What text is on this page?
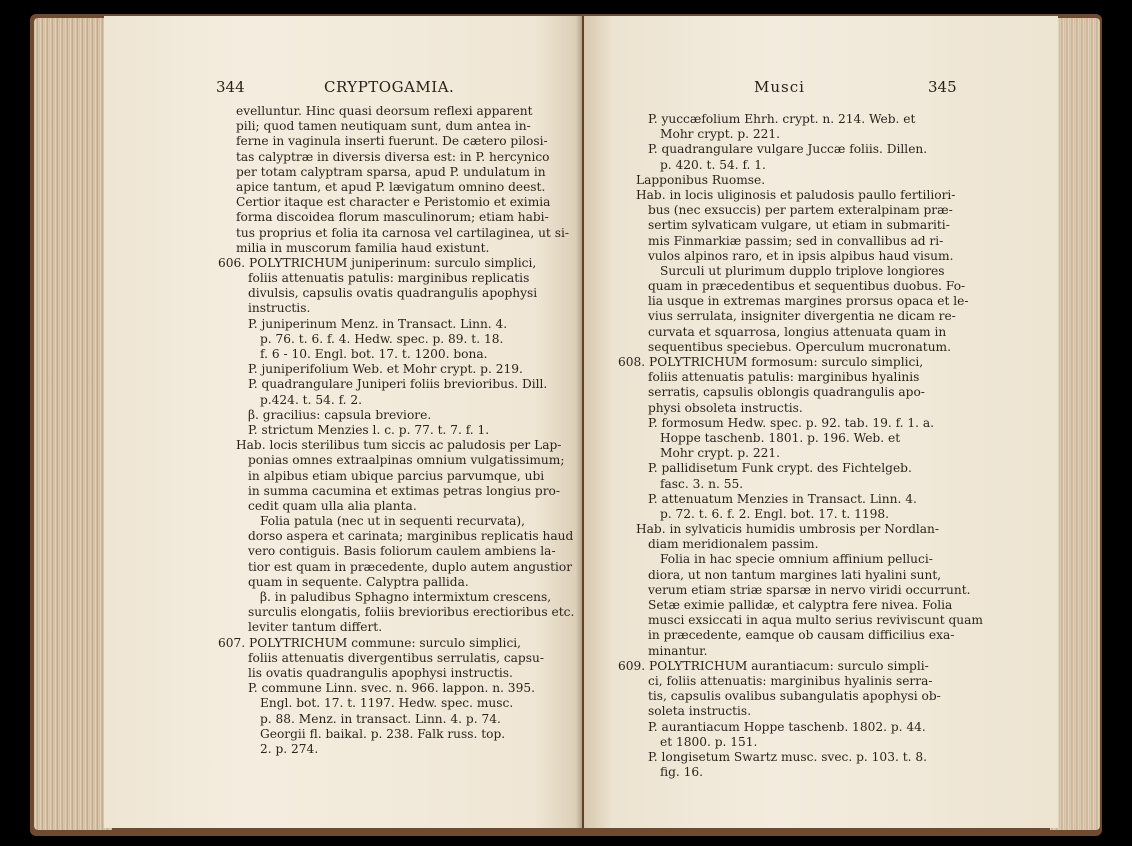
344	CRYPTOGAMIA.
evelluntur. Hinc quasi deorsum reflexi apparent
pili; quod tamen neutiquam sunt, dum antea in-
ferne in vaginula inserti fuerunt. De cætero pilosi-
tas calyptræ in diversis diversa est: in P. hercynico
per totam calyptram sparsa, apud P. undulatum in
apice tantum, et apud P. lævigatum omnino deest.
Certior itaque est character e Peristomio et eximia
forma discoidea florum masculinorum; etiam habi-
tus proprius et folia ita carnosa vel cartilaginea, ut si-
milia in muscorum familia haud existunt.
606. POLYTRICHUM juniperinum: surculo simplici,
foliis attenuatis patulis: marginibus replicatis
divulsis, capsulis ovatis quadrangulis apophysi
instructis.
P. juniperinum Menz. in Transact. Linn. 4.
p. 76. t. 6. f. 4. Hedw. spec. p. 89. t. 18.
f. 6 - 10. Engl. bot. 17. t. 1200. bona.
P. juniperifolium Web. et Mohr crypt. p. 219.
P. quadrangulare Juniperi foliis brevioribus. Dill.
p.424. t. 54. f. 2.
β. gracilius: capsula breviore.
P. strictum Menzies l. c. p. 77. t. 7. f. 1.
Hab. locis sterilibus tum siccis ac paludosis per Lap-
ponias omnes extraalpinas omnium vulgatissimum;
in alpibus etiam ubique parcius parvumque, ubi
in summa cacumina et extimas petras longius pro-
cedit quam ulla alia planta.
Folia patula (nec ut in sequenti recurvata),
dorso aspera et carinata; marginibus replicatis haud
vero contiguis. Basis foliorum caulem ambiens la-
tior est quam in præcedente, duplo autem angustior
quam in sequente. Calyptra pallida.
β. in paludibus Sphagno intermixtum crescens,
surculis elongatis, foliis brevioribus erectioribus etc.
leviter tantum differt.
607. POLYTRICHUM commune: surculo simplici,
foliis attenuatis divergentibus serrulatis, capsu-
lis ovatis quadrangulis apophysi instructis.
P. commune Linn. svec. n. 966. lappon. n. 395.
Engl. bot. 17. t. 1197. Hedw. spec. musc.
p. 88. Menz. in transact. Linn. 4. p. 74.
Georgii fl. baikal. p. 238. Falk russ. top.
2. p. 274.
Musci	345
P. yuccæfolium Ehrh. crypt. n. 214. Web. et
Mohr crypt. p. 221.
P. quadrangulare vulgare Juccæ foliis. Dillen.
p. 420. t. 54. f. 1.
Lapponibus Ruomse.
Hab. in locis uliginosis et paludosis paullo fertiliori-
bus (nec exsuccis) per partem exteralpinam præ-
sertim sylvaticam vulgare, ut etiam in submariti-
mis Finmarkiæ passim; sed in convallibus ad ri-
vulos alpinos raro, et in ipsis alpibus haud visum.
Surculi ut plurimum dupplo triplove longiores
quam in præcedentibus et sequentibus duobus. Fo-
lia usque in extremas margines prorsus opaca et le-
vius serrulata, insigniter divergentia ne dicam re-
curvata et squarrosa, longius attenuata quam in
sequentibus speciebus. Operculum mucronatum.
608. POLYTRICHUM formosum: surculo simplici,
foliis attenuatis patulis: marginibus hyalinis
serratis, capsulis oblongis quadrangulis apo-
physi obsoleta instructis.
P. formosum Hedw. spec. p. 92. tab. 19. f. 1. a.
Hoppe taschenb. 1801. p. 196. Web. et
Mohr crypt. p. 221.
P. pallidisetum Funk crypt. des Fichtelgeb.
fasc. 3. n. 55.
P. attenuatum Menzies in Transact. Linn. 4.
p. 72. t. 6. f. 2. Engl. bot. 17. t. 1198.
Hab. in sylvaticis humidis umbrosis per Nordlan-
diam meridionalem passim.
Folia in hac specie omnium affinium pelluci-
diora, ut non tantum margines lati hyalini sunt,
verum etiam striæ sparsæ in nervo viridi occurrunt.
Setæ eximie pallidæ, et calyptra fere nivea. Folia
musci exsiccati in aqua multo serius reviviscunt quam
in præcedente, eamque ob causam difficilius exa-
minantur.
609. POLYTRICHUM aurantiacum: surculo simpli-
ci, foliis attenuatis: marginibus hyalinis serra-
tis, capsulis ovalibus subangulatis apophysi ob-
soleta instructis.
P. aurantiacum Hoppe taschenb. 1802. p. 44.
et 1800. p. 151.
P. longisetum Swartz musc. svec. p. 103. t. 8.
fig. 16.
